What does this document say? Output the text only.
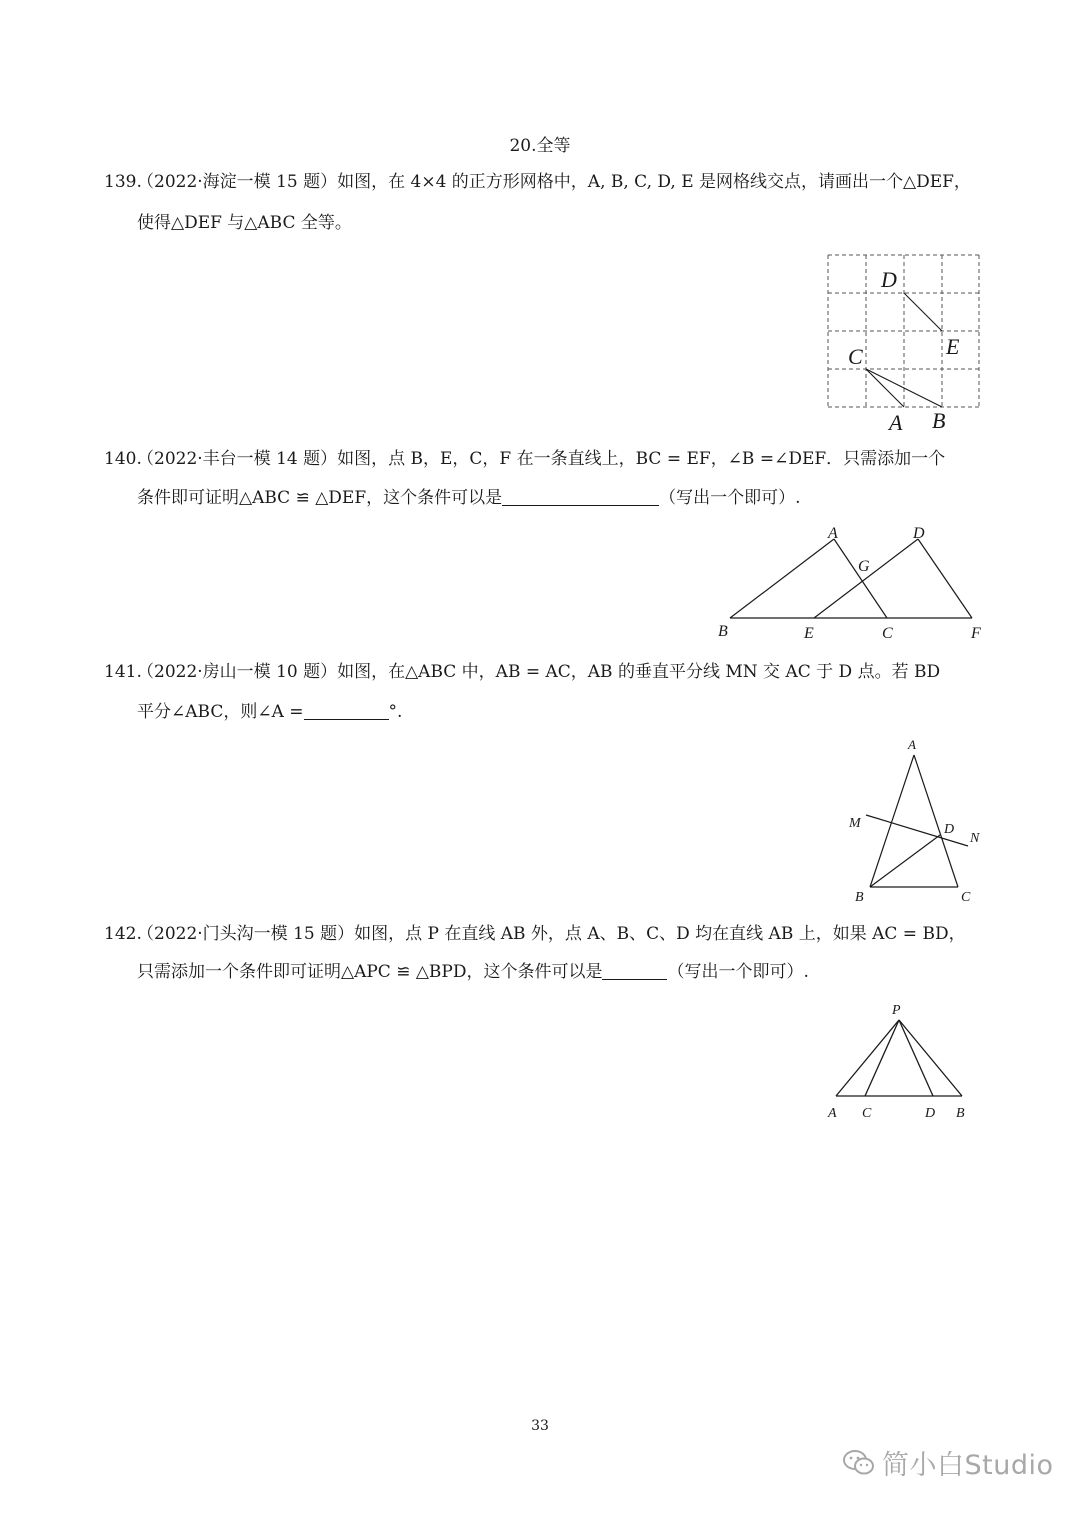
20.全等
139.
（2022·海淀一模 15 题）如图，在 4×4 的正方形网格中，A, B, C, D, E 是网格线交点，请画出一个△DEF，
使得△DEF 与△ABC 全等。
D
E
C
A B
140.
（2022·丰台一模 14 题）如图，点 B，E，C，F 在一条直线上，BC = EF，∠B =∠DEF．只需添加一个
条件即可证明△ABC ≌ △DEF，这个条件可以是	（写出一个即可）.
A	D
G
B	E	C	F
141.
（2022·房山一模 10 题）如图，在△ABC 中，AB = AC，AB 的垂直平分线 MN 交 AC 于 D 点。若 BD
平分∠ABC，则∠A =	°.
A
M	D
N
B	C
142.
（2022·门头沟一模 15 题）如图，点 P 在直线 AB 外，点 A、B、C、D 均在直线 AB 上，如果 AC = BD，
只需添加一个条件即可证明△APC ≌ △BPD，这个条件可以是	（写出一个即可）.
P
A C	D B
33
简小白Studio
